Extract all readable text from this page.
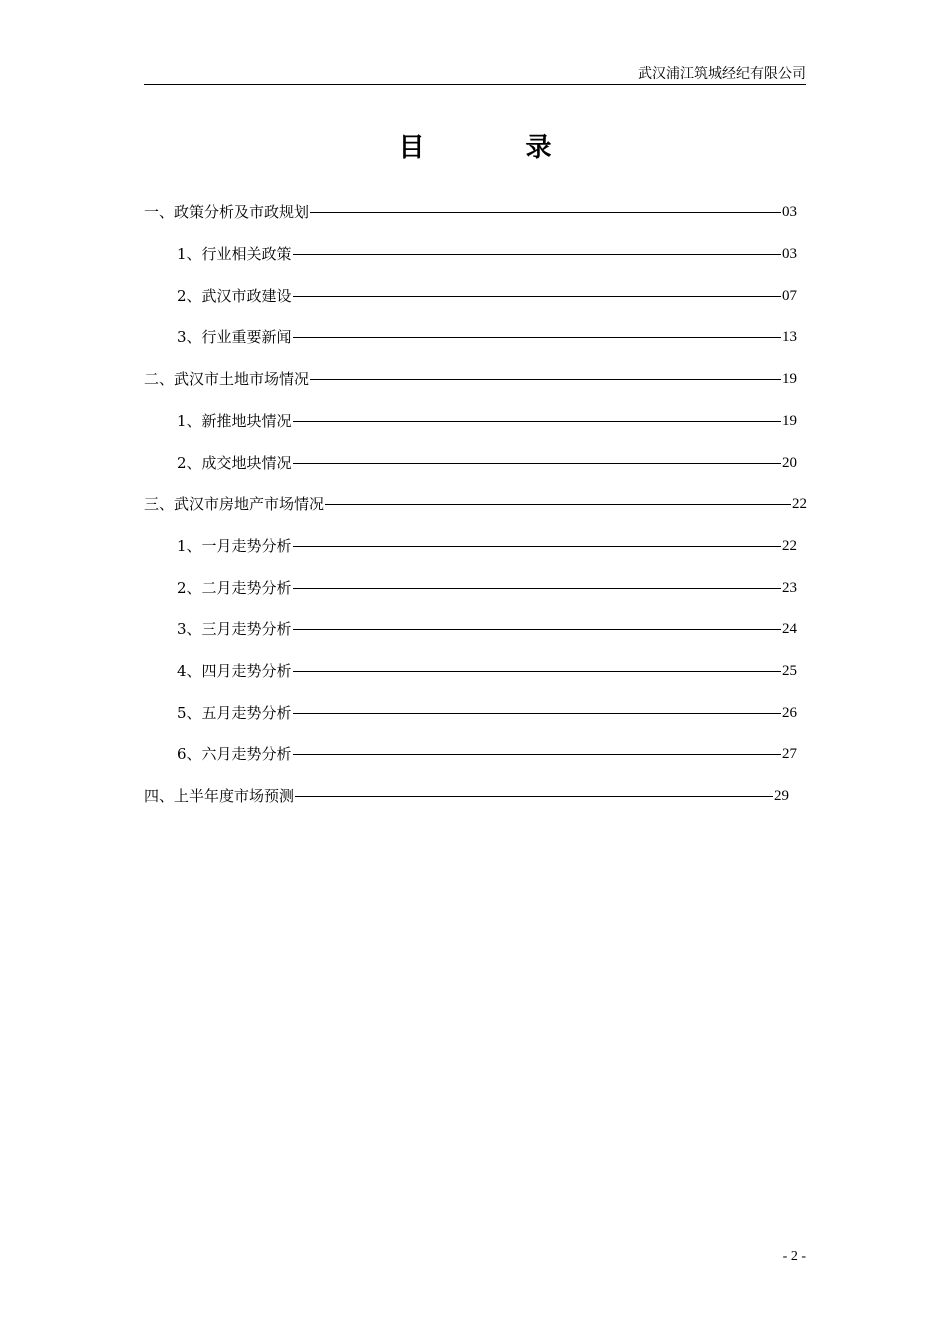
武汉浦江筑城经纪有限公司
目 录
一、政策分析及市政规划	03
1、行业相关政策	03
2、武汉市政建设	07
3、行业重要新闻	13
二、武汉市土地市场情况	19
1、新推地块情况	19
2、成交地块情况	20
三、武汉市房地产市场情况	22
1、一月走势分析	22
2、二月走势分析	23
3、三月走势分析	24
4、四月走势分析	25
5、五月走势分析	26
6、六月走势分析	27
四、上半年度市场预测	29
- 2 -
